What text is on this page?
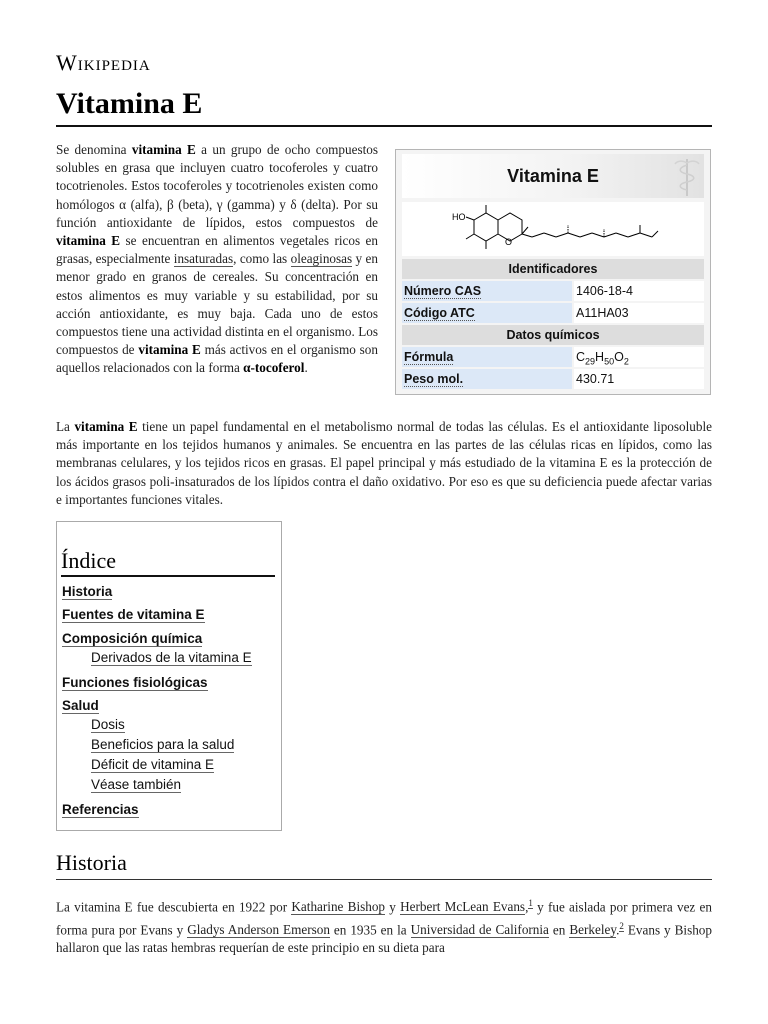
Wikipedia
Vitamina E

Se denomina vitamina E a un grupo de ocho compuestos solubles en grasa que incluyen cuatro tocoferoles y cuatro tocotrienoles. Estos tocoferoles y tocotrienoles existen como homólogos α (alfa), β (beta), γ (gamma) y δ (delta). Por su función antioxidante de lípidos, estos compuestos de vitamina E se encuentran en alimentos vegetales ricos en grasas, especialmente insaturadas, como las oleaginosas y en menor grado en granos de cereales. Su concentración en estos alimentos es muy variable y su estabilidad, por su acción antioxidante, es muy baja. Cada uno de estos compuestos tiene una actividad distinta en el organismo. Los compuestos de vitamina E más activos en el organismo son aquellos relacionados con la forma α-tocoferol.

Vitamina E
HO
O
Identificadores
Número CAS	1406-18-4
Código ATC	A11HA03
Datos químicos
Fórmula	$C_{29}H_{50}O_2$
Peso mol.	430.71

La vitamina E tiene un papel fundamental en el metabolismo normal de todas las células. Es el antioxidante liposoluble más importante en los tejidos humanos y animales. Se encuentra en las partes de las células ricas en lípidos, como las membranas celulares, y los tejidos ricos en grasas. El papel principal y más estudiado de la vitamina E es la protección de los ácidos grasos poli-insaturados de los lípidos contra el daño oxidativo. Por eso es que su deficiencia puede afectar varias e importantes funciones vitales.

Índice
Historia
Fuentes de vitamina E
Composición química
Derivados de la vitamina E
Funciones fisiológicas
Salud
Dosis
Beneficios para la salud
Déficit de vitamina E
Véase también
Referencias
Historia

La vitamina E fue descubierta en 1922 por Katharine Bishop y Herbert McLean Evans,$^1$ y fue aislada por primera vez en forma pura por Evans y Gladys Anderson Emerson en 1935 en la Universidad de California en Berkeley.$^2$ Evans y Bishop hallaron que las ratas hembras requerían de este principio en su dieta para
